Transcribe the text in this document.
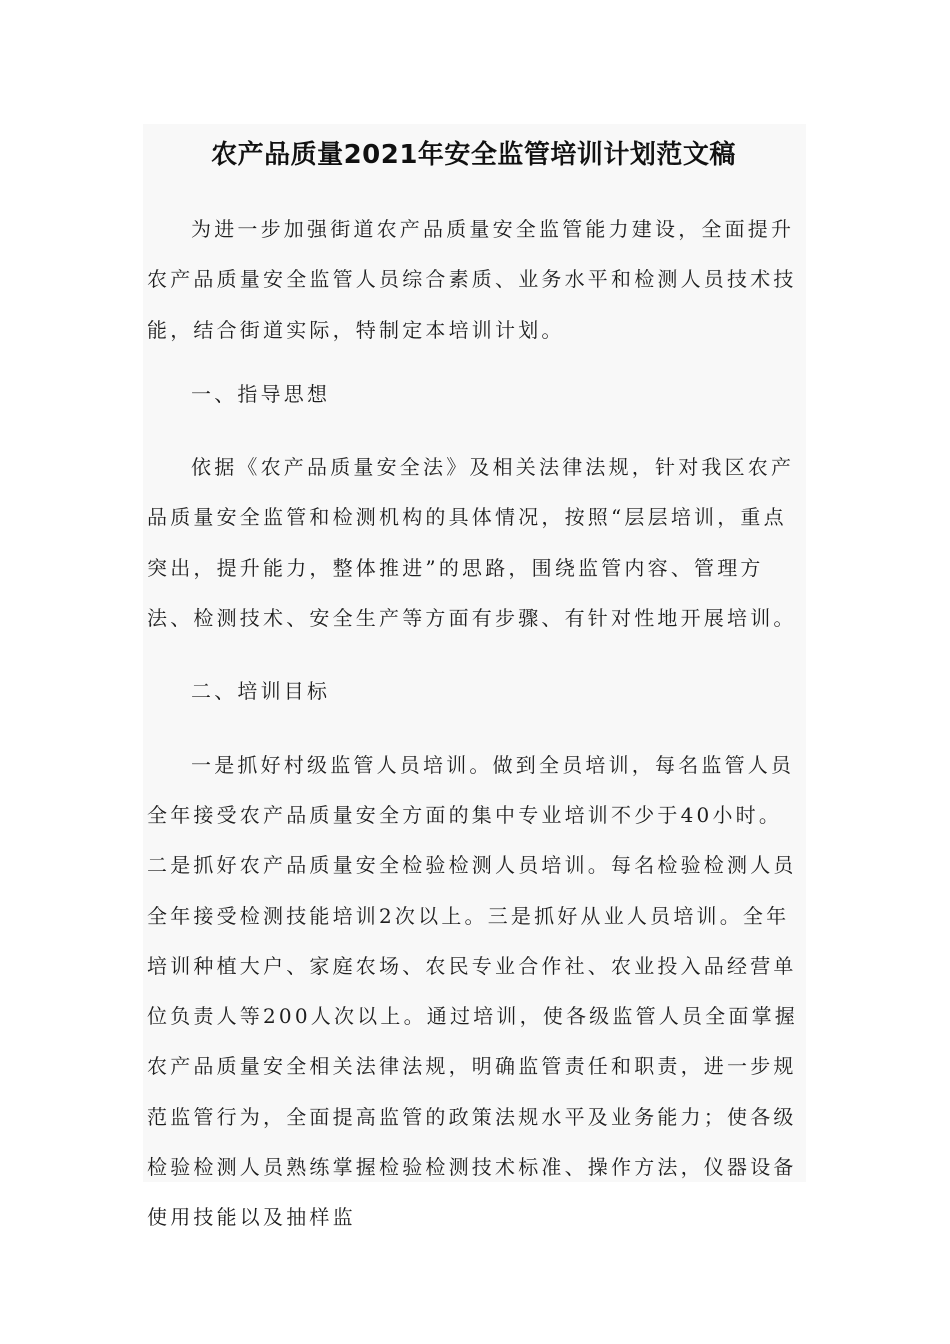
农产品质量2021年安全监管培训计划范文稿

为进一步加强街道农产品质量安全监管能力建设，全面提升农产品质量安全监管人员综合素质、业务水平和检测人员技术技能，结合街道实际，特制定本培训计划。

一、指导思想

依据《农产品质量安全法》及相关法律法规，针对我区农产品质量安全监管和检测机构的具体情况，按照“层层培训，重点突出，提升能力，整体推进”的思路，围绕监管内容、管理方法、检测技术、安全生产等方面有步骤、有针对性地开展培训。

二、培训目标

一是抓好村级监管人员培训。做到全员培训，每名监管人员全年接受农产品质量安全方面的集中专业培训不少于40小时。二是抓好农产品质量安全检验检测人员培训。每名检验检测人员全年接受检测技能培训2次以上。三是抓好从业人员培训。全年培训种植大户、家庭农场、农民专业合作社、农业投入品经营单位负责人等200人次以上。通过培训，使各级监管人员全面掌握农产品质量安全相关法律法规，明确监管责任和职责，进一步规范监管行为，全面提高监管的政策法规水平及业务能力；使各级检验检测人员熟练掌握检验检测技术标准、操作方法，仪器设备使用技能以及抽样监
